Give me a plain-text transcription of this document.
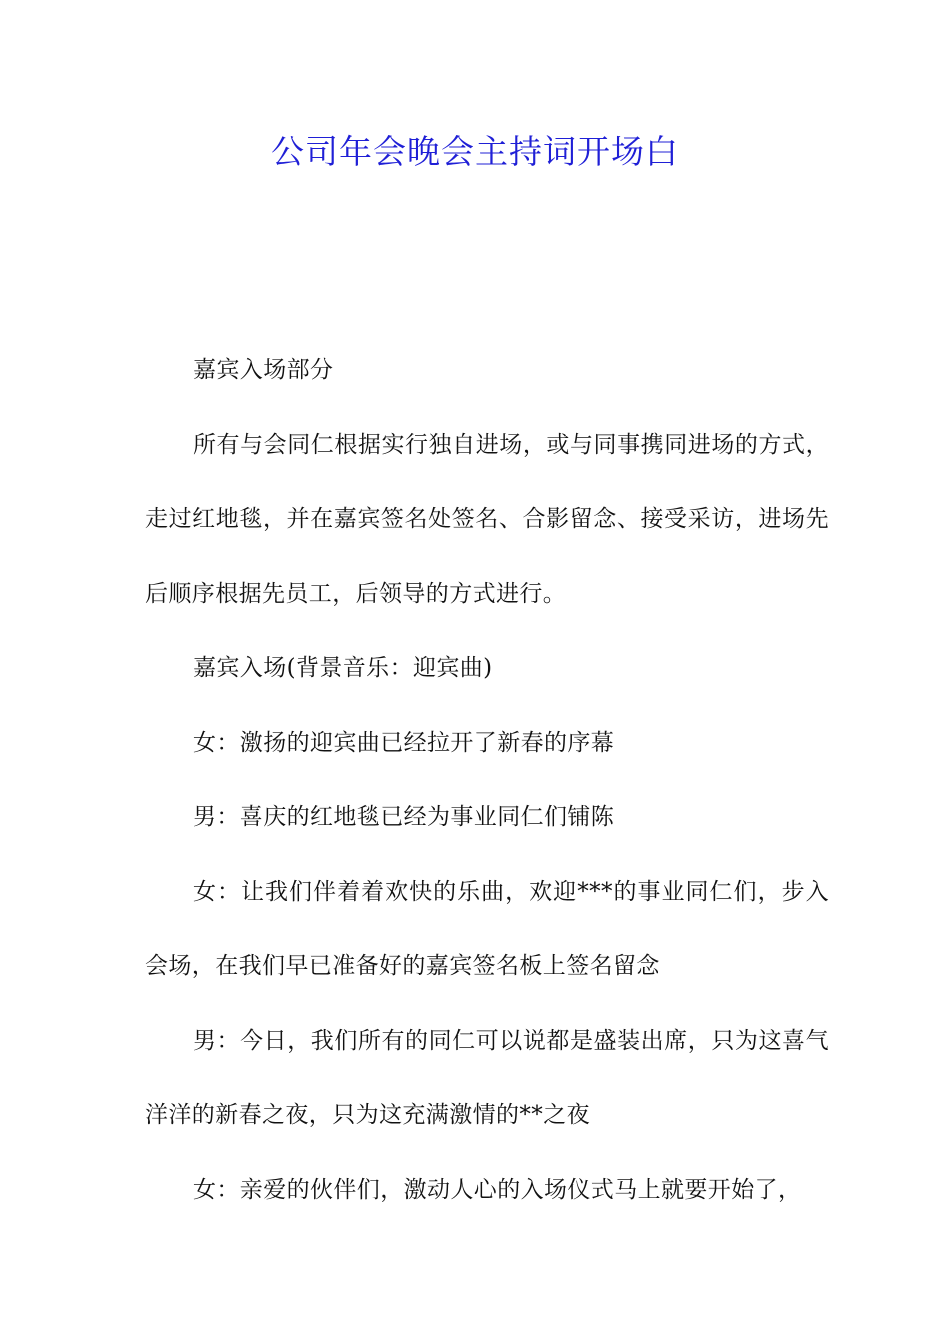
公司年会晚会主持词开场白

嘉宾入场部分

所有与会同仁根据实行独自进场，或与同事携同进场的方式，走过红地毯，并在嘉宾签名处签名、合影留念、接受采访，进场先后顺序根据先员工，后领导的方式进行。

嘉宾入场(背景音乐：迎宾曲)

女：激扬的迎宾曲已经拉开了新春的序幕

男：喜庆的红地毯已经为事业同仁们铺陈

女：让我们伴着着欢快的乐曲，欢迎***的事业同仁们，步入会场，在我们早已准备好的嘉宾签名板上签名留念

男：今日，我们所有的同仁可以说都是盛装出席，只为这喜气洋洋的新春之夜，只为这充满激情的**之夜

女：亲爱的伙伴们，激动人心的入场仪式马上就要开始了，
